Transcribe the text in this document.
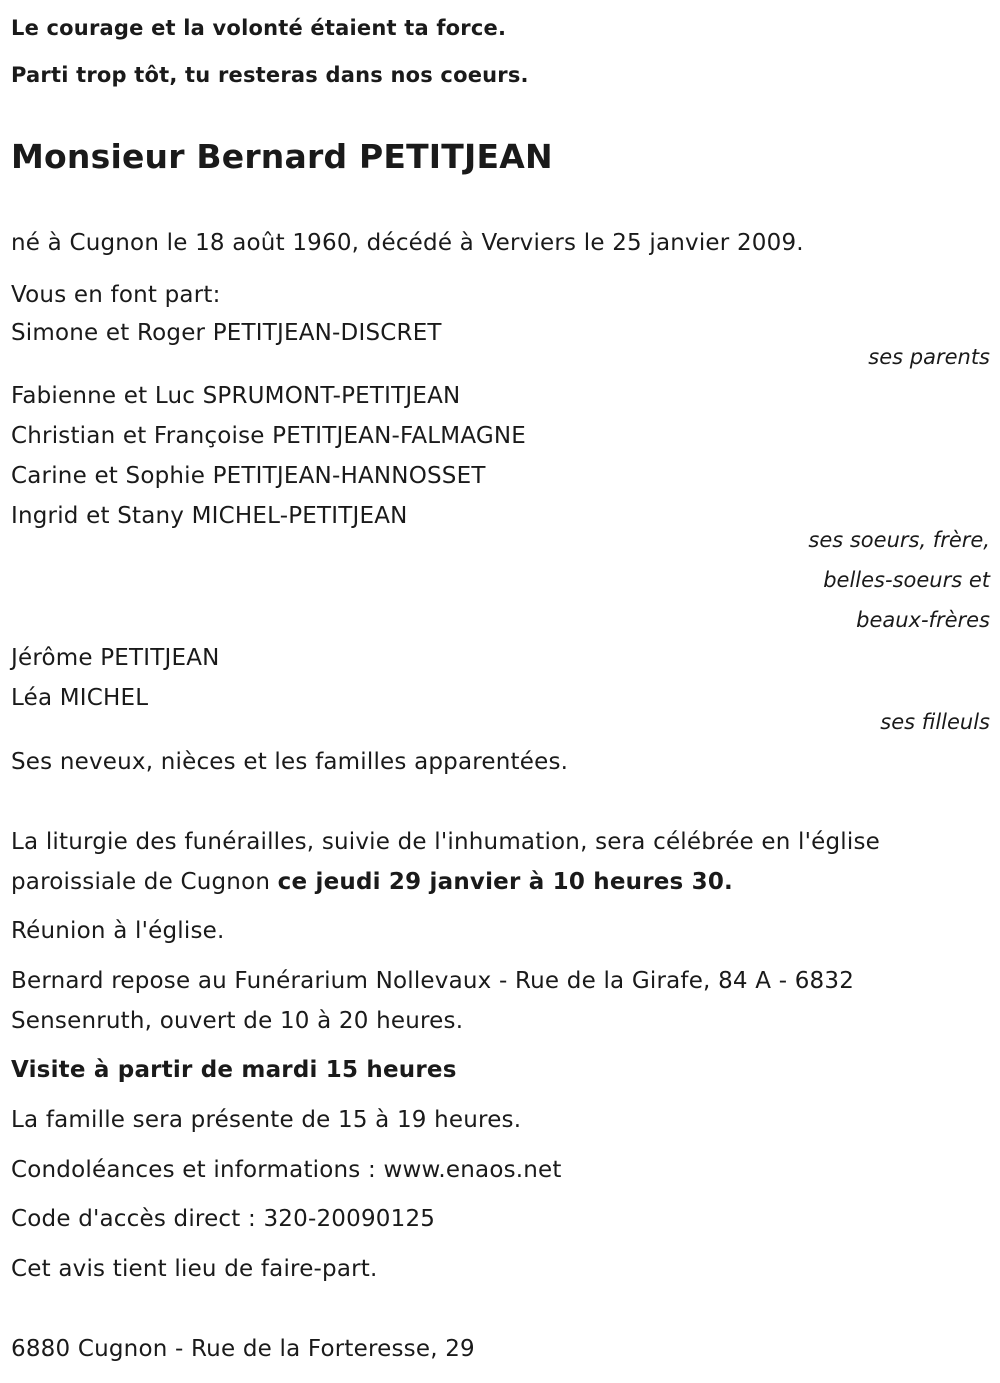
Le courage et la volonté étaient ta force.
Parti trop tôt, tu resteras dans nos coeurs.
Monsieur Bernard PETITJEAN
né à Cugnon le 18 août 1960, décédé à Verviers le 25 janvier 2009.
Vous en font part:
Simone et Roger PETITJEAN-DISCRET
ses parents
Fabienne et Luc SPRUMONT-PETITJEAN
Christian et Françoise PETITJEAN-FALMAGNE
Carine et Sophie PETITJEAN-HANNOSSET
Ingrid et Stany MICHEL-PETITJEAN
ses soeurs, frère,
belles-soeurs et
beaux-frères
Jérôme PETITJEAN
Léa MICHEL
ses filleuls
Ses neveux, nièces et les familles apparentées.
La liturgie des funérailles, suivie de l'inhumation, sera célébrée en l'église
paroissiale de Cugnon ce jeudi 29 janvier à 10 heures 30.
Réunion à l'église.
Bernard repose au Funérarium Nollevaux - Rue de la Girafe, 84 A - 6832
Sensenruth, ouvert de 10 à 20 heures.
Visite à partir de mardi 15 heures
La famille sera présente de 15 à 19 heures.
Condoléances et informations : www.enaos.net
Code d'accès direct : 320-20090125
Cet avis tient lieu de faire-part.
6880 Cugnon - Rue de la Forteresse, 29
